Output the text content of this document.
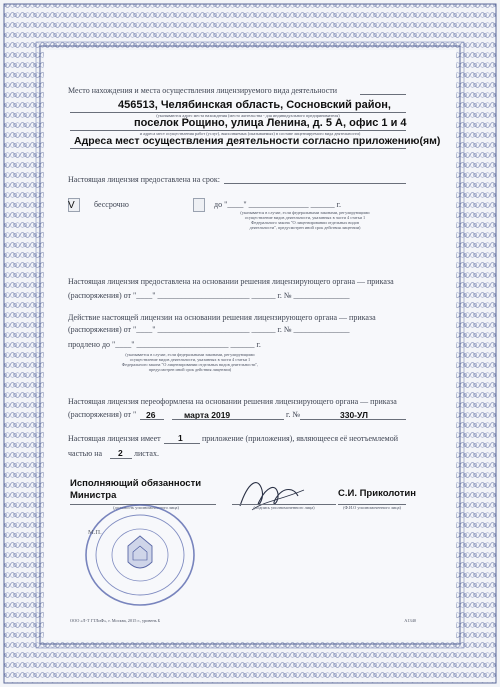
Место нахождения и места осуществления лицензируемого вида деятельности
456513, Челябинская область, Сосновский район,
(указываются адрес места нахождения (место жительства - для индивидуального предпринимателя)
поселок Рощино, улица Ленина, д. 5 А, офис 1 и 4
и адреса мест осуществления работ (услуг), выполняемых (оказываемых) в составе лицензируемого вида деятельности)
Адреса мест осуществления деятельности согласно приложению(ям)
Настоящая лицензия предоставлена на срок:
V бессрочно	до "____" _______________ ______ г.
(указывается в случае, если федеральными законами, регулирующими осуществление видов деятельности, указанных в части 4 статьи 1 Федерального закона "О лицензировании отдельных видов деятельности", предусмотрен иной срок действия лицензии)
Настоящая лицензия предоставлена на основании решения лицензирующего органа — приказа
(распоряжения) от "____" _______________________ ______ г. № ______________
Действие настоящей лицензии на основании решения лицензирующего органа — приказа
(распоряжения) от "____" _______________________ ______ г. № ______________
продлено до "____" _______________________ ______ г.
(указывается в случае, если федеральными законами, регулирующими осуществление видов деятельности, указанных в части 4 статьи 1 Федерального закона "О лицензировании отдельных видов деятельности", предусмотрен иной срок действия лицензии)
Настоящая лицензия переоформлена на основании решения лицензирующего органа — приказа
(распоряжения) от " 26	марта 2019	г. №	330-УЛ
Настоящая лицензия имеет 1 приложение (приложения), являющееся её неотъемлемой
частью на 2 листах.
Исполняющий обязанности
Министра
(должность уполномоченного лица)	(подпись уполномоченного лица)
С.И. Приколотин
(Ф.И.О уполномоченного лица)
М.П.
ООО «Л-Т ГТЛиФ», г. Москва, 2015 г., уровень Б	А1340
